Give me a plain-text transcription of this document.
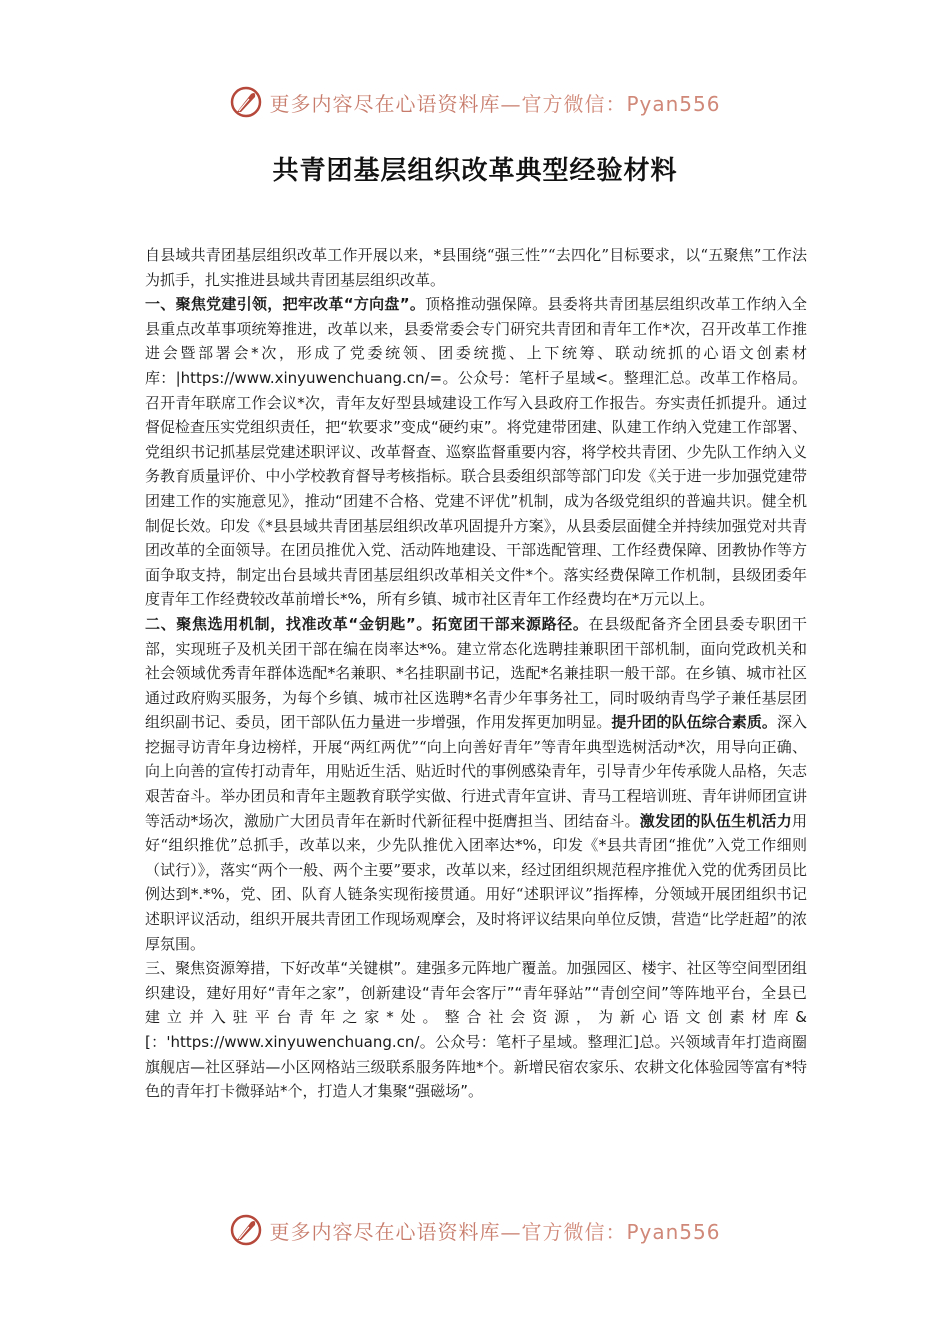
更多内容尽在心语资料库—官方微信：Pyan556
共青团基层组织改革典型经验材料

自县域共青团基层组织改革工作开展以来，*县围绕“强三性”“去四化”目标要求，以“五聚焦”工作法为抓手，扎实推进县域共青团基层组织改革。

一、聚焦党建引领，把牢改革“方向盘”。顶格推动强保障。县委将共青团基层组织改革工作纳入全县重点改革事项统筹推进，改革以来，县委常委会专门研究共青团和青年工作*次，召开改革工作推进会暨部署会*次，形成了党委统领、团委统揽、上下统筹、联动统抓的心语文创素材库：|https://www.xinyuwenchuang.cn/=。公众号：笔杆子星域<。整理汇总。改革工作格局。召开青年联席工作会议*次，青年友好型县域建设工作写入县政府工作报告。夯实责任抓提升。通过督促检查压实党组织责任，把“软要求”变成“硬约束”。将党建带团建、队建工作纳入党建工作部署、党组织书记抓基层党建述职评议、改革督查、巡察监督重要内容，将学校共青团、少先队工作纳入义务教育质量评价、中小学校教育督导考核指标。联合县委组织部等部门印发《关于进一步加强党建带团建工作的实施意见》，推动“团建不合格、党建不评优”机制，成为各级党组织的普遍共识。健全机制促长效。印发《*县县域共青团基层组织改革巩固提升方案》，从县委层面健全并持续加强党对共青团改革的全面领导。在团员推优入党、活动阵地建设、干部选配管理、工作经费保障、团教协作等方面争取支持，制定出台县域共青团基层组织改革相关文件*个。落实经费保障工作机制，县级团委年度青年工作经费较改革前增长*%，所有乡镇、城市社区青年工作经费均在*万元以上。

二、聚焦选用机制，找准改革“金钥匙”。拓宽团干部来源路径。在县级配备齐全团县委专职团干部，实现班子及机关团干部在编在岗率达*%。建立常态化选聘挂兼职团干部机制，面向党政机关和社会领域优秀青年群体选配*名兼职、*名挂职副书记，选配*名兼挂职一般干部。在乡镇、城市社区通过政府购买服务，为每个乡镇、城市社区选聘*名青少年事务社工，同时吸纳青鸟学子兼任基层团组织副书记、委员，团干部队伍力量进一步增强，作用发挥更加明显。提升团的队伍综合素质。深入挖掘寻访青年身边榜样，开展“两红两优”“向上向善好青年”等青年典型选树活动*次，用导向正确、向上向善的宣传打动青年，用贴近生活、贴近时代的事例感染青年，引导青少年传承陇人品格，矢志艰苦奋斗。举办团员和青年主题教育联学实做、行进式青年宣讲、青马工程培训班、青年讲师团宣讲等活动*场次，激励广大团员青年在新时代新征程中挺膺担当、团结奋斗。激发团的队伍生机活力用好“组织推优”总抓手，改革以来，少先队推优入团率达*%，印发《*县共青团“推优”入党工作细则（试行）》，落实“两个一般、两个主要”要求，改革以来，经过团组织规范程序推优入党的优秀团员比例达到*.*%，党、团、队育人链条实现衔接贯通。用好“述职评议”指挥棒，分领域开展团组织书记述职评议活动，组织开展共青团工作现场观摩会，及时将评议结果向单位反馈，营造“比学赶超”的浓厚氛围。

三、聚焦资源筹措，下好改革“关键棋”。建强多元阵地广覆盖。加强园区、楼宇、社区等空间型团组织建设，建好用好“青年之家”，创新建设“青年会客厅”“青年驿站”“青创空间”等阵地平台，全县已建立并入驻平台青年之家*处。整合社会资源，为新心语文创素材库&[：'https://www.xinyuwenchuang.cn/。公众号：笔杆子星域。整理汇]总。兴领域青年打造商圈旗舰店—社区驿站—小区网格站三级联系服务阵地*个。新增民宿农家乐、农耕文化体验园等富有*特色的青年打卡微驿站*个，打造人才集聚“强磁场”。

更多内容尽在心语资料库—官方微信：Pyan556
